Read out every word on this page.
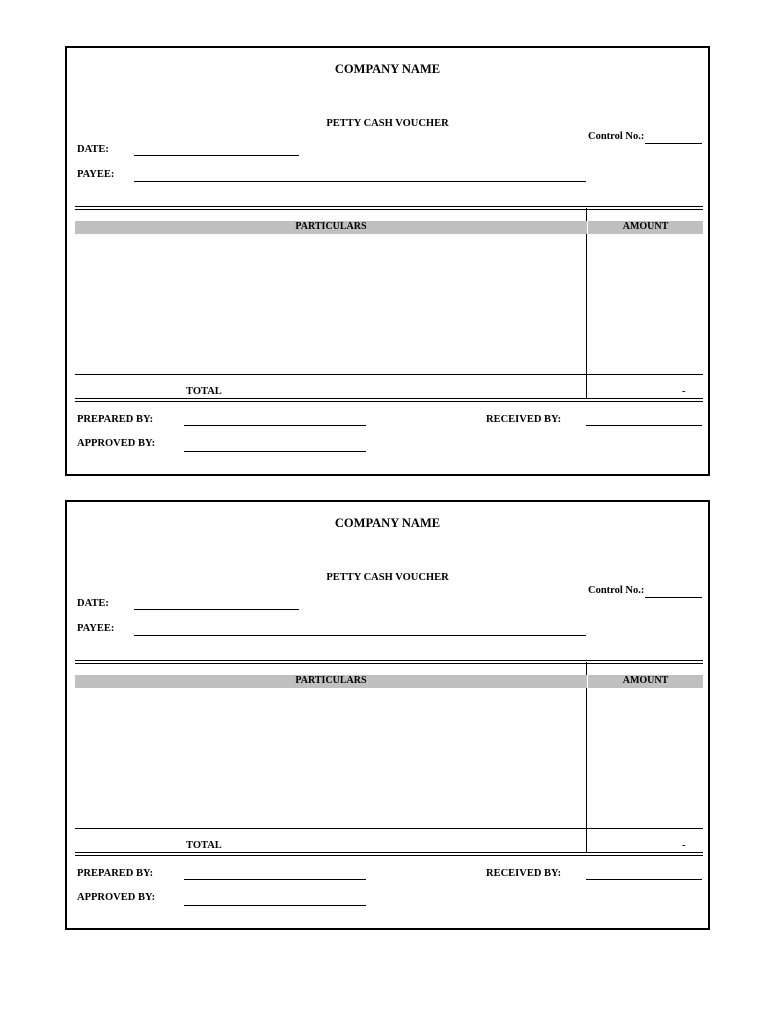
COMPANY NAME
PETTY CASH VOUCHER
Control No.:
DATE:
PAYEE:
PARTICULARS	AMOUNT
TOTAL	-
PREPARED BY:	RECEIVED BY:
APPROVED BY:
COMPANY NAME
PETTY CASH VOUCHER
Control No.:
DATE:
PAYEE:
PARTICULARS	AMOUNT
TOTAL	-
PREPARED BY:	RECEIVED BY:
APPROVED BY:
